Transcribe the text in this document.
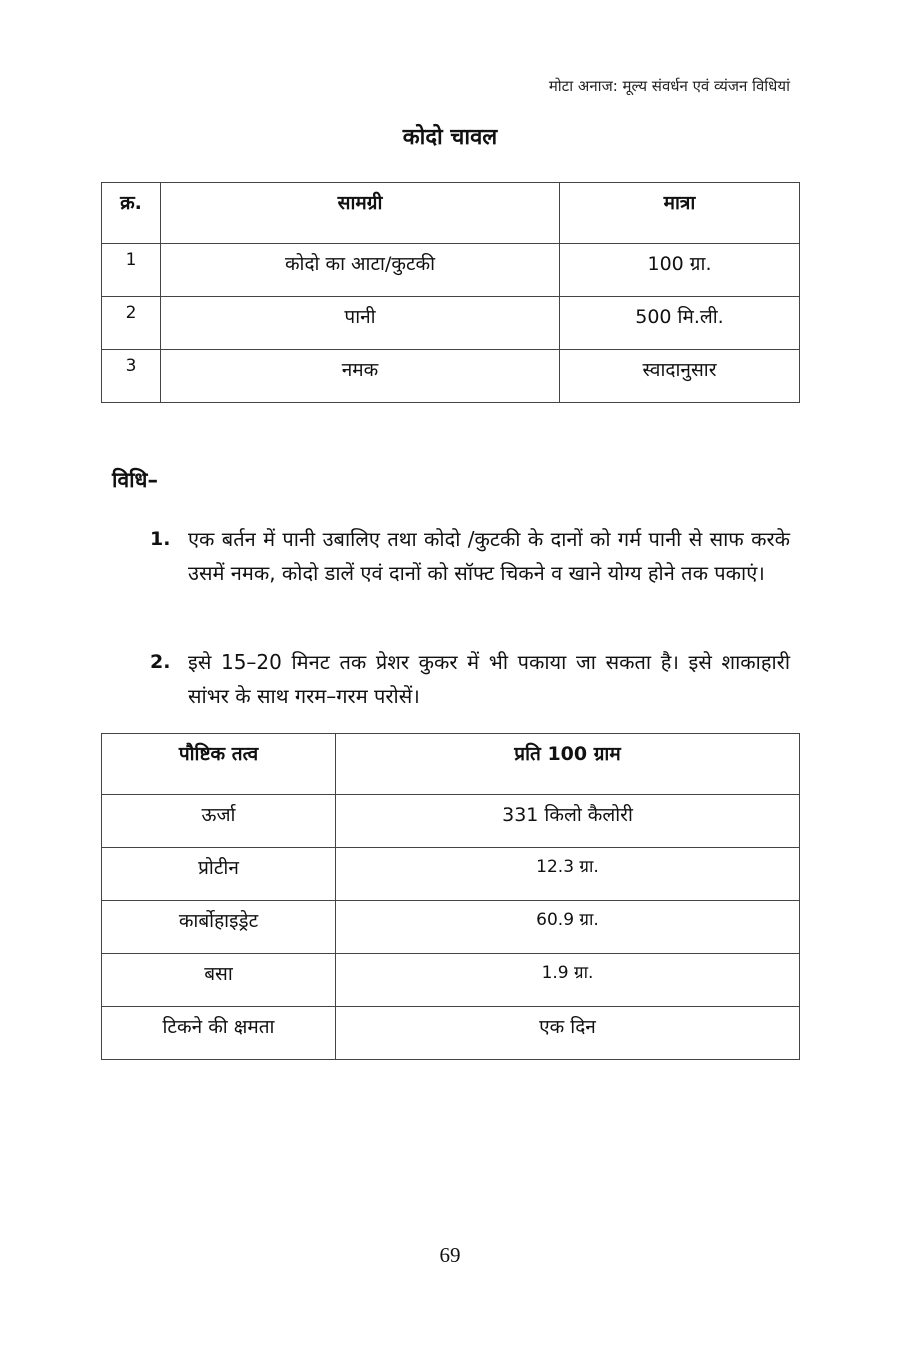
मोटा अनाज: मूल्य संवर्धन एवं व्यंजन विधियां
कोदो चावल
क्र.	सामग्री	मात्रा
1	कोदो का आटा/कुटकी	100 ग्रा.
2	पानी	500 मि.ली.
3	नमक	स्वादानुसार
विधि–
1. एक बर्तन में पानी उबालिए तथा कोदो /कुटकी के दानों को गर्म पानी से साफ करके उसमें नमक, कोदो डालें एवं दानों को सॉफ्ट चिकने व खाने योग्य होने तक पकाएं।
2. इसे 15–20 मिनट तक प्रेशर कुकर में भी पकाया जा सकता है। इसे शाकाहारी सांभर के साथ गरम–गरम परोसें।
पौष्टिक तत्व	प्रति 100 ग्राम
ऊर्जा	331 किलो कैलोरी
प्रोटीन	12.3 ग्रा.
कार्बोहाइड्रेट	60.9 ग्रा.
बसा	1.9 ग्रा.
टिकने की क्षमता	एक दिन
69
